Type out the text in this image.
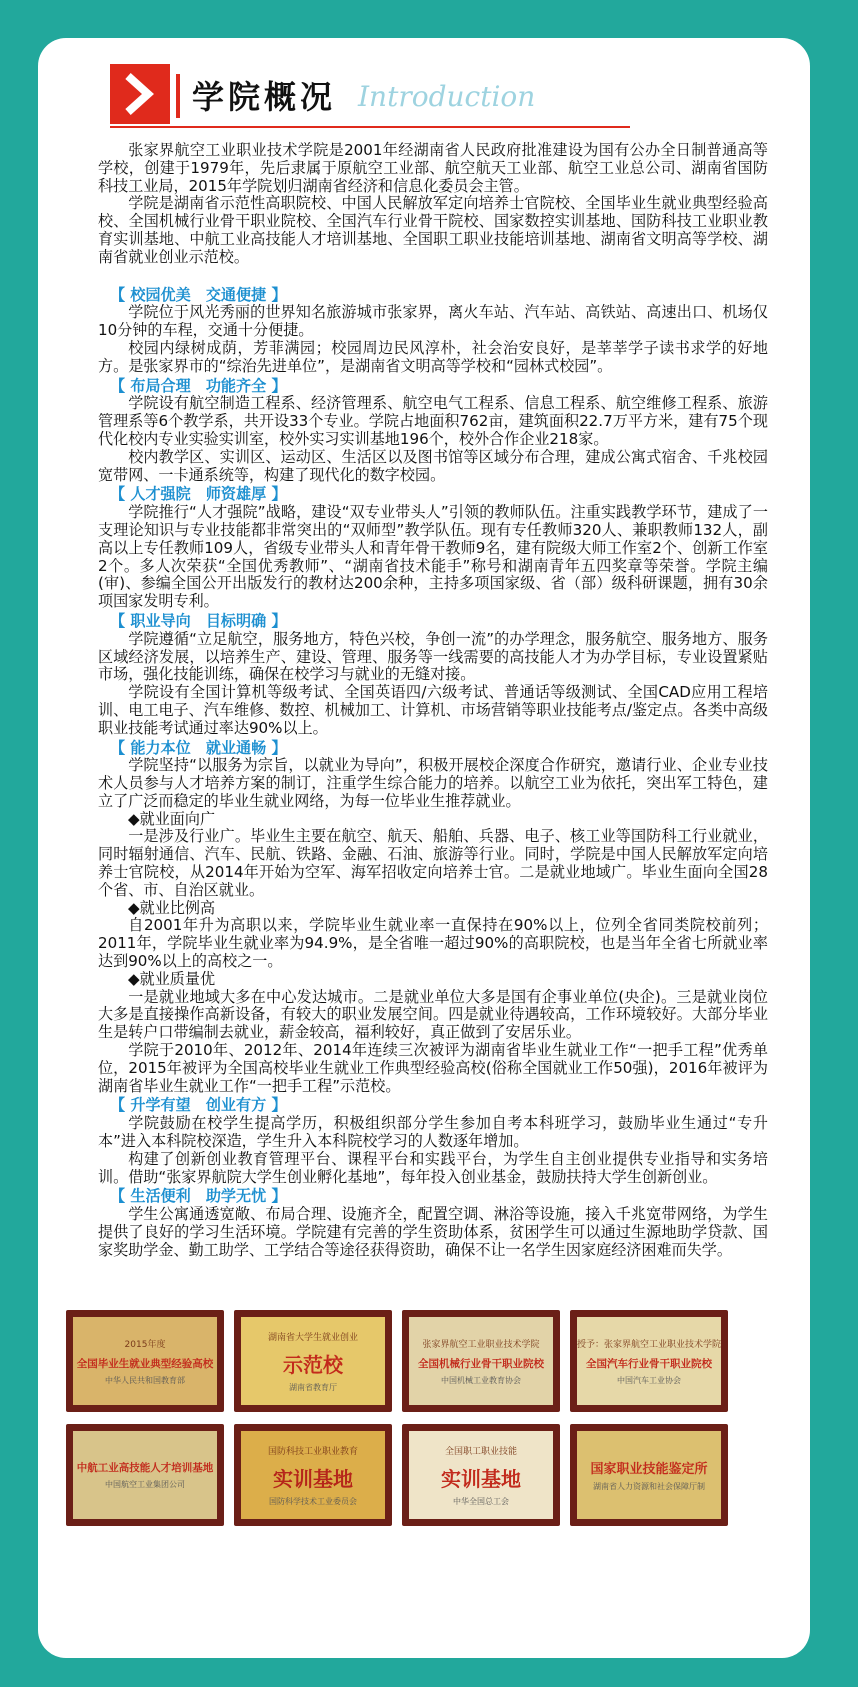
学院概况 Introduction

张家界航空工业职业技术学院是2001年经湖南省人民政府批准建设为国有公办全日制普通高等学校，创建于1979年，先后隶属于原航空工业部、航空航天工业部、航空工业总公司、湖南省国防科技工业局，2015年学院划归湖南省经济和信息化委员会主管。

学院是湖南省示范性高职院校、中国人民解放军定向培养士官院校、全国毕业生就业典型经验高校、全国机械行业骨干职业院校、全国汽车行业骨干院校、国家数控实训基地、国防科技工业职业教育实训基地、中航工业高技能人才培训基地、全国职工职业技能培训基地、湖南省文明高等学校、湖南省就业创业示范校。

【 校园优美　交通便捷 】

学院位于风光秀丽的世界知名旅游城市张家界，离火车站、汽车站、高铁站、高速出口、机场仅10分钟的车程，交通十分便捷。

校园内绿树成荫，芳菲满园；校园周边民风淳朴，社会治安良好，是莘莘学子读书求学的好地方。是张家界市的“综治先进单位”，是湖南省文明高等学校和“园林式校园”。

【 布局合理　功能齐全 】

学院设有航空制造工程系、经济管理系、航空电气工程系、信息工程系、航空维修工程系、旅游管理系等6个教学系，共开设33个专业。学院占地面积762亩，建筑面积22.7万平方米，建有75个现代化校内专业实验实训室，校外实习实训基地196个，校外合作企业218家。

校内教学区、实训区、运动区、生活区以及图书馆等区域分布合理，建成公寓式宿舍、千兆校园宽带网、一卡通系统等，构建了现代化的数字校园。

【 人才强院　师资雄厚 】

学院推行“人才强院”战略，建设“双专业带头人”引领的教师队伍。注重实践教学环节，建成了一支理论知识与专业技能都非常突出的“双师型”教学队伍。现有专任教师320人、兼职教师132人，副高以上专任教师109人，省级专业带头人和青年骨干教师9名，建有院级大师工作室2个、创新工作室2个。多人次荣获“全国优秀教师”、“湖南省技术能手”称号和湖南青年五四奖章等荣誉。学院主编(审)、参编全国公开出版发行的教材达200余种，主持多项国家级、省（部）级科研课题，拥有30余项国家发明专利。

【 职业导向　目标明确 】

学院遵循“立足航空，服务地方，特色兴校，争创一流”的办学理念，服务航空、服务地方、服务区域经济发展，以培养生产、建设、管理、服务等一线需要的高技能人才为办学目标，专业设置紧贴市场，强化技能训练，确保在校学习与就业的无缝对接。

学院设有全国计算机等级考试、全国英语四/六级考试、普通话等级测试、全国CAD应用工程培训、电工电子、汽车维修、数控、机械加工、计算机、市场营销等职业技能考点/鉴定点。各类中高级职业技能考试通过率达90%以上。

【 能力本位　就业通畅 】

学院坚持“以服务为宗旨，以就业为导向”，积极开展校企深度合作研究，邀请行业、企业专业技术人员参与人才培养方案的制订，注重学生综合能力的培养。以航空工业为依托，突出军工特色，建立了广泛而稳定的毕业生就业网络，为每一位毕业生推荐就业。

◆就业面向广

一是涉及行业广。毕业生主要在航空、航天、船舶、兵器、电子、核工业等国防科工行业就业，同时辐射通信、汽车、民航、铁路、金融、石油、旅游等行业。同时，学院是中国人民解放军定向培养士官院校，从2014年开始为空军、海军招收定向培养士官。二是就业地域广。毕业生面向全国28个省、市、自治区就业。

◆就业比例高

自2001年升为高职以来，学院毕业生就业率一直保持在90%以上，位列全省同类院校前列；2011年，学院毕业生就业率为94.9%，是全省唯一超过90%的高职院校，也是当年全省七所就业率达到90%以上的高校之一。

◆就业质量优

一是就业地域大多在中心发达城市。二是就业单位大多是国有企事业单位(央企)。三是就业岗位大多是直接操作高新设备，有较大的职业发展空间。四是就业待遇较高，工作环境较好。大部分毕业生是转户口带编制去就业，薪金较高，福利较好，真正做到了安居乐业。

学院于2010年、2012年、2014年连续三次被评为湖南省毕业生就业工作“一把手工程”优秀单位，2015年被评为全国高校毕业生就业工作典型经验高校(俗称全国就业工作50强)，2016年被评为湖南省毕业生就业工作“一把手工程”示范校。

【 升学有望　创业有方 】

学院鼓励在校学生提高学历，积极组织部分学生参加自考本科班学习，鼓励毕业生通过“专升本”进入本科院校深造，学生升入本科院校学习的人数逐年增加。

构建了创新创业教育管理平台、课程平台和实践平台，为学生自主创业提供专业指导和实务培训。借助“张家界航院大学生创业孵化基地”，每年投入创业基金，鼓励扶持大学生创新创业。

【 生活便利　助学无忧 】

学生公寓通透宽敞、布局合理、设施齐全，配置空调、淋浴等设施，接入千兆宽带网络，为学生提供了良好的学习生活环境。学院建有完善的学生资助体系，贫困学生可以通过生源地助学贷款、国家奖助学金、勤工助学、工学结合等途径获得资助，确保不让一名学生因家庭经济困难而失学。

2015年度
全国毕业生就业典型经验高校
中华人民共和国教育部
湖南省大学生就业创业
示范校
湖南省教育厅
张家界航空工业职业技术学院
全国机械行业骨干职业院校
中国机械工业教育协会
授予：张家界航空工业职业技术学院
全国汽车行业骨干职业院校
中国汽车工业协会
中航工业高技能人才培训基地
中国航空工业集团公司
国防科技工业职业教育
实训基地
国防科学技术工业委员会
全国职工职业技能
实训基地
中华全国总工会
国家职业技能鉴定所
湖南省人力资源和社会保障厅制
